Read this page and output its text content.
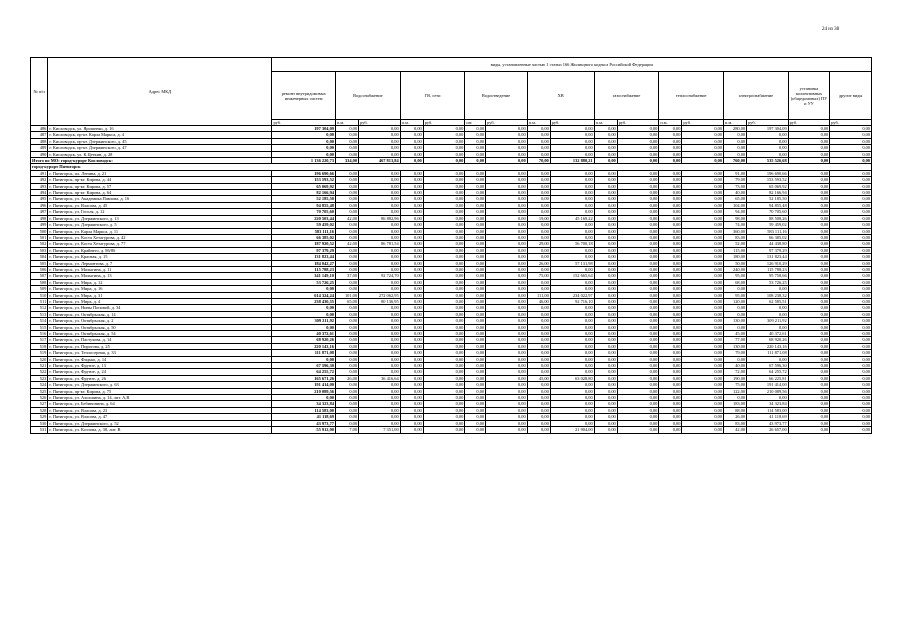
24 из 38
№ п/п	Адрес МКД	виды, установленные частью 1 статьи 166 Жилищного кодекса Российской Федерации																
		ремонт внутридомовых инженерных систем	Водоснабжение		ГВ, сети		Водоотведение		ХВ		газоснабжение		теплоснабжение		электроснабжение		установка коллективных (общедомовых) ПУ и УУ	другие виды
		руб.	п.м.	руб.	п.м.	руб.	шт.	руб.	п.м.	руб.	п.м.	руб.	п.м.	руб.	п.м.	руб.	руб.	руб.
486	г. Кисловодск, ул. Ярошенко, д. 16	197 304,09	0,00	0,00	0,00	0,00	0,00	0,00	0,00	0,00	0,00	0,00	0,00	0,00	280,00	197 304,09	0,00	0,00
487	г. Кисловодск, пр-кт. Карла Маркса, д. 4	0,00	0,00	0,00	0,00	0,00	0,00	0,00	0,00	0,00	0,00	0,00	0,00	0,00	0,00	0,00	0,00	0,00
488	г. Кисловодск, пр-кт. Дзержинского, д. 45	0,00	0,00	0,00	0,00	0,00	0,00	0,00	0,00	0,00	0,00	0,00	0,00	0,00	0,00	0,00	0,00	0,00
489	г. Кисловодск, пр-кт. Дзержинского, д. 47	0,00	0,00	0,00	0,00	0,00	0,00	0,00	0,00	0,00	0,00	0,00	0,00	0,00	0,00	0,00	0,00	0,00
490	г. Кисловодск, ул. К.Цеткин, д. 28	0,00	0,00	0,00	0,00	0,00	0,00	0,00	0,00	0,00	0,00	0,00	0,00	0,00	0,00	0,00	0,00	0,00
Итого по МО: город-курорт Кисловодск:		1 136 220,73	334,00	467 813,84	0,00	0,00	0,00	0,00	70,00	132 880,21	0,00	0,00	0,00	0,00	760,00	535 526,68	0,00	0,00
город-курорт Пятигорск																		
491	г. Пятигорск, пл. Ленина, д. 21	196 690,66	0,00	0,00	0,00	0,00	0,00	0,00	0,00	0,00	0,00	0,00	0,00	0,00	91,00	196 690,66	0,00	0,00
492	г. Пятигорск, пр-кт. Кирова, д. 44	153 593,52	0,00	0,00	0,00	0,00	0,00	0,00	0,00	0,00	0,00	0,00	0,00	0,00	79,00	153 593,52	0,00	0,00
493	г. Пятигорск, пр-кт. Кирова, д. 57	65 069,92	0,00	0,00	0,00	0,00	0,00	0,00	0,00	0,00	0,00	0,00	0,00	0,00	73,00	65 069,92	0,00	0,00
494	г. Пятигорск, пр-кт. Кирова, д. 64	82 166,94	0,00	0,00	0,00	0,00	0,00	0,00	0,00	0,00	0,00	0,00	0,00	0,00	40,00	82 166,94	0,00	0,00
495	г. Пятигорск, ул. Академика Павлова, д. 16	52 185,50	0,00	0,00	0,00	0,00	0,00	0,00	0,00	0,00	0,00	0,00	0,00	0,00	65,00	52 185,50	0,00	0,00
496	г. Пятигорск, ул. Власова, д. 45	94 855,48	0,00	0,00	0,00	0,00	0,00	0,00	0,00	0,00	0,00	0,00	0,00	0,00	104,00	94 855,48	0,00	0,00
497	г. Пятигорск, ул. Гоголя, д. 12	70 705,60	0,00	0,00	0,00	0,00	0,00	0,00	0,00	0,00	0,00	0,00	0,00	0,00	94,00	70 705,60	0,00	0,00
498	г. Пятигорск, ул. Дзержинского, д. 13	220 503,44	42,00	86 882,96	0,00	0,00	0,00	0,00	19,00	45 169,22	0,00	0,00	0,00	0,00	98,00	88 508,26	0,00	0,00
499	г. Пятигорск, ул. Дзержинского, д. 5	59 459,02	0,00	0,00	0,00	0,00	0,00	0,00	0,00	0,00	0,00	0,00	0,00	0,00	74,00	59 459,02	0,00	0,00
500	г. Пятигорск, ул. Карла Маркса, д. 11	583 111,16	0,00	0,00	0,00	0,00	0,00	0,00	0,00	0,00	0,00	0,00	0,00	0,00	360,00	583 111,16	0,00	0,00
501	г. Пятигорск, ул. Коста Хетагурова, д. 42	66 385,02	0,00	0,00	0,00	0,00	0,00	0,00	0,00	0,00	0,00	0,00	0,00	0,00	83,00	66 385,02	0,00	0,00
502	г. Пятигорск, ул. Коста Хетагурова, д. 77	187 920,52	42,00	86 781,54	0,00	0,00	0,00	0,00	29,00	56 700,18	0,00	0,00	0,00	0,00	52,00	44 438,80	0,00	0,00
503	г. Пятигорск, ул. Крайнего, д. 86/86	97 379,29	0,00	0,00	0,00	0,00	0,00	0,00	0,00	0,00	0,00	0,00	0,00	0,00	115,00	97 379,29	0,00	0,00
504	г. Пятигорск, ул. Красная, д. 15	131 823,44	0,00	0,00	0,00	0,00	0,00	0,00	0,00	0,00	0,00	0,00	0,00	0,00	180,00	131 823,44	0,00	0,00
505	г. Пятигорск, ул. Лермонтова, д. 7	184 042,27	0,00	0,00	0,00	0,00	0,00	0,00	26,00	57 131,98	0,00	0,00	0,00	0,00	50,00	126 910,29	0,00	0,00
506	г. Пятигорск, ул. Малыгина, д. 11	115 788,23	0,00	0,00	0,00	0,00	0,00	0,00	0,00	0,00	0,00	0,00	0,00	0,00	240,00	115 788,23	0,00	0,00
507	г. Пятигорск, ул. Малыгина, д. 13	341 149,10	37,00	92 724,70	0,00	0,00	0,00	0,00	75,00	152 665,64	0,00	0,00	0,00	0,00	95,00	95 758,66	0,00	0,00
508	г. Пятигорск, ул. Мира, д. 12	53 726,25	0,00	0,00	0,00	0,00	0,00	0,00	0,00	0,00	0,00	0,00	0,00	0,00	68,00	53 726,25	0,00	0,00
509	г. Пятигорск, ул. Мира, д. 16	0,00	0,00	0,00	0,00	0,00	0,00	0,00	0,00	0,00	0,00	0,00	0,00	0,00	0,00	0,00	0,00	0,00
510	г. Пятигорск, ул. Мира, д. 31	614 324,24	101,00	272 062,95	0,00	0,00	0,00	0,00	111,00	234 022,97	0,00	0,00	0,00	0,00	95,00	108 238,32	0,00	0,00
511	г. Пятигорск, ул. Мира, д. 4	238 430,55	65,00	80 136,95	0,00	0,00	0,00	0,00	46,00	92 716,10	0,00	0,00	0,00	0,00	120,00	62 585,51	0,00	0,00
512	г. Пятигорск, ул. Нины Поповой, д. 34	0,00	0,00	0,00	0,00	0,00	0,00	0,00	0,00	0,00	0,00	0,00	0,00	0,00	0,00	0,00	0,00	0,00
513	г. Пятигорск, ул. Октябрьская, д. 14	0,00	0,00	0,00	0,00	0,00	0,00	0,00	0,00	0,00	0,00	0,00	0,00	0,00	0,00	0,00	0,00	0,00
514	г. Пятигорск, ул. Октябрьская, д. 2	309 211,92	0,00	0,00	0,00	0,00	0,00	0,00	0,00	0,00	0,00	0,00	0,00	0,00	130,00	309 211,92	0,00	0,00
515	г. Пятигорск, ул. Октябрьская, д. 50	0,00	0,00	0,00	0,00	0,00	0,00	0,00	0,00	0,00	0,00	0,00	0,00	0,00	0,00	0,00	0,00	0,00
516	г. Пятигорск, ул. Октябрьская, д. 54	40 372,61	0,00	0,00	0,00	0,00	0,00	0,00	0,00	0,00	0,00	0,00	0,00	0,00	45,00	40 372,61	0,00	0,00
517	г. Пятигорск, ул. Пастухова, д. 14	68 920,26	0,00	0,00	0,00	0,00	0,00	0,00	0,00	0,00	0,00	0,00	0,00	0,00	77,00	68 920,26	0,00	0,00
518	г. Пятигорск, ул. Пирогова, д. 25	220 143,16	0,00	0,00	0,00	0,00	0,00	0,00	0,00	0,00	0,00	0,00	0,00	0,00	130,00	220 143,16	0,00	0,00
519	г. Пятигорск, ул. Теплосерная, д. 33	111 871,08	0,00	0,00	0,00	0,00	0,00	0,00	0,00	0,00	0,00	0,00	0,00	0,00	79,00	111 871,08	0,00	0,00
520	г. Пятигорск, ул. Фидько, д. 14	0,00	0,00	0,00	0,00	0,00	0,00	0,00	0,00	0,00	0,00	0,00	0,00	0,00	0,00	0,00	0,00	0,00
521	г. Пятигорск, ул. Фрунзе, д. 13	67 596,30	0,00	0,00	0,00	0,00	0,00	0,00	0,00	0,00	0,00	0,00	0,00	0,00	40,00	67 596,30	0,00	0,00
522	г. Пятигорск, ул. Фрунзе, д. 24	64 255,72	0,00	0,00	0,00	0,00	0,00	0,00	0,00	0,00	0,00	0,00	0,00	0,00	72,00	64 255,72	0,00	0,00
523	г. Пятигорск, ул. Фрунзе, д. 26	165 671,26	26,00	36 416,64	0,00	0,00	0,00	0,00	45,00	63 028,80	0,00	0,00	0,00	0,00	190,00	66 225,81	0,00	0,00
524	г. Пятигорск, ул. Дзержинского, д. 63	191 414,00	0,00	0,00	0,00	0,00	0,00	0,00	0,00	0,00	0,00	0,00	0,00	0,00	75,00	191 414,00	0,00	0,00
525	г. Пятигорск, пр-кт. Кирова, д. 75	210 089,56	0,00	0,00	0,00	0,00	0,00	0,00	0,00	0,00	0,00	0,00	0,00	0,00	122,00	210 089,56	0,00	0,00
526	г. Пятигорск, ул. Ахохшина, д. 14, лит. А,В	0,00	0,00	0,00	0,00	0,00	0,00	0,00	0,00	0,00	0,00	0,00	0,00	0,00	0,00	0,00	0,00	0,00
527	г. Пятигорск, ул. Бебинонина, д. 64	34 323,84	0,00	0,00	0,00	0,00	0,00	0,00	0,00	0,00	0,00	0,00	0,00	0,00	183,00	34 323,84	0,00	0,00
528	г. Пятигорск, ул. Власова, д. 23	114 583,00	0,00	0,00	0,00	0,00	0,00	0,00	0,00	0,00	0,00	0,00	0,00	0,00	88,00	114 583,00	0,00	0,00
529	г. Пятигорск, ул. Власова, д. 47	41 118,69	0,00	0,00	0,00	0,00	0,00	0,00	0,00	0,00	0,00	0,00	0,00	0,00	26,00	41 118,69	0,00	0,00
530	г. Пятигорск, ул. Дзержинского, д. 52	43 973,77	0,00	0,00	0,00	0,00	0,00	0,00	0,00	0,00	0,00	0,00	0,00	0,00	83,00	43 973,77	0,00	0,00
531	г. Пятигорск, ул. Козлова, д. 38, лит. В	55 912,00	7,00	7 351,00	0,00	0,00	0,00	0,00	8,00	21 904,00	0,00	0,00	0,00	0,00	42,00	26 657,00	0,00	0,00
